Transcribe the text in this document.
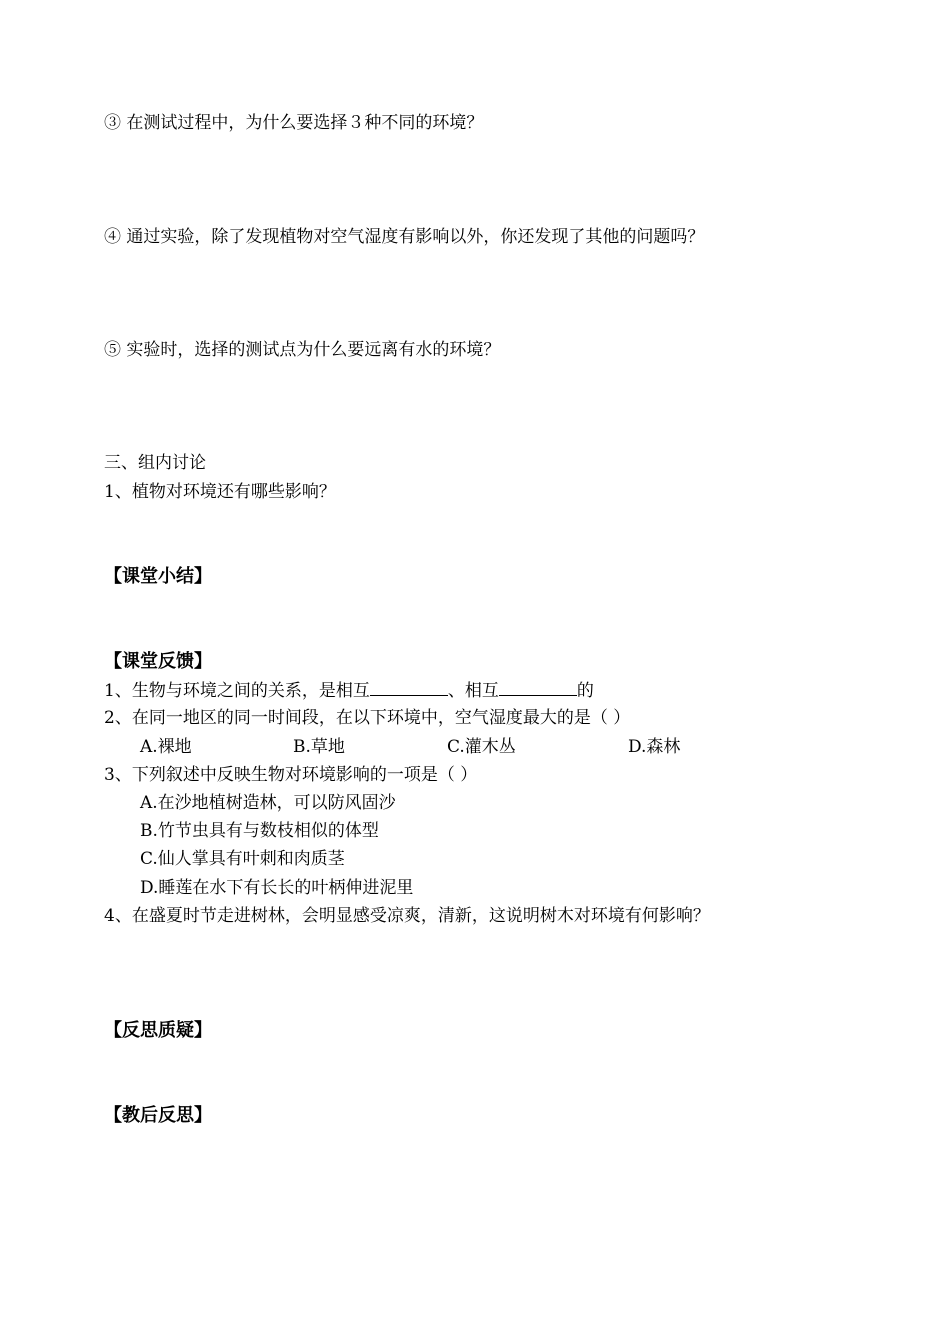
③ 在测试过程中，为什么要选择３种不同的环境？
④ 通过实验，除了发现植物对空气湿度有影响以外，你还发现了其他的问题吗？
⑤ 实验时，选择的测试点为什么要远离有水的环境？
三、组内讨论
1、植物对环境还有哪些影响？
【课堂小结】
【课堂反馈】
1、生物与环境之间的关系，是相互	、相互	的
2、在同一地区的同一时间段，在以下环境中，空气湿度最大的是（ ）
A.裸地	B.草地	C.灌木丛	D.森林
3、下列叙述中反映生物对环境影响的一项是（ ）
A.在沙地植树造林，可以防风固沙
B.竹节虫具有与数枝相似的体型
C.仙人掌具有叶刺和肉质茎
D.睡莲在水下有长长的叶柄伸进泥里
4、在盛夏时节走进树林，会明显感受凉爽，清新，这说明树木对环境有何影响？
【反思质疑】
【教后反思】
